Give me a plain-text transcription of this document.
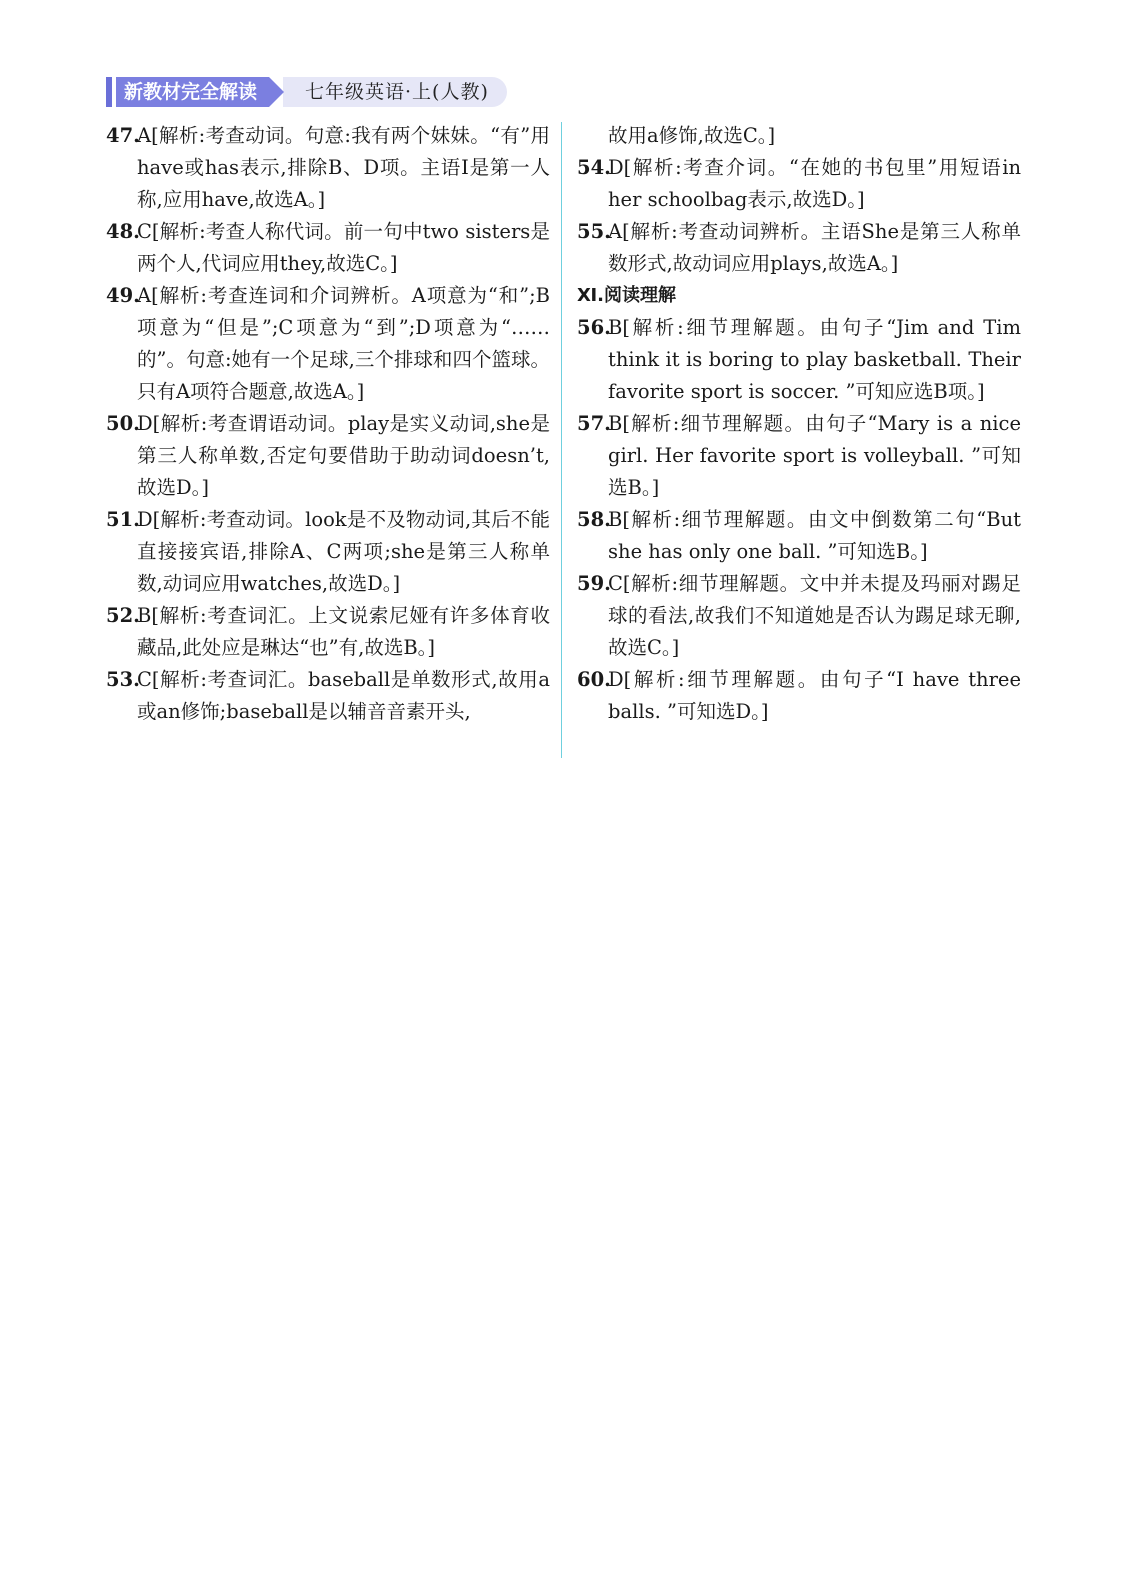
新教材完全解读	七年级英语·上(人教)

47.A[解析:考查动词。句意:我有两个妹妹。“有”用have或has表示,排除B、D项。主语I是第一人称,应用have,故选A。]

48.C[解析:考查人称代词。前一句中two sisters是两个人,代词应用they,故选C。]

49.A[解析:考查连词和介词辨析。A项意为“和”;B项意为“但是”;C项意为“到”;D项意为“……的”。句意:她有一个足球,三个排球和四个篮球。只有A项符合题意,故选A。]

50.D[解析:考查谓语动词。play是实义动词,she是第三人称单数,否定句要借助于助动词doesn’t,故选D。]

51.D[解析:考查动词。look是不及物动词,其后不能直接接宾语,排除A、C两项;she是第三人称单数,动词应用watches,故选D。]

52.B[解析:考查词汇。上文说索尼娅有许多体育收藏品,此处应是琳达“也”有,故选B。]

53.C[解析:考查词汇。baseball是单数形式,故用a或an修饰;baseball是以辅音音素开头,

故用a修饰,故选C。]

54.D[解析:考查介词。“在她的书包里”用短语in her schoolbag表示,故选D。]

55.A[解析:考查动词辨析。主语She是第三人称单数形式,故动词应用plays,故选A。]

Ⅺ.阅读理解

56.B[解析:细节理解题。由句子“Jim and Tim think it is boring to play basketball. Their favorite sport is soccer. ”可知应选B项。]

57.B[解析:细节理解题。由句子“Mary is a nice girl. Her favorite sport is volleyball. ”可知选B。]

58.B[解析:细节理解题。由文中倒数第二句“But she has only one ball. ”可知选B。]

59.C[解析:细节理解题。文中并未提及玛丽对踢足球的看法,故我们不知道她是否认为踢足球无聊,故选C。]

60.D[解析:细节理解题。由句子“I have three balls. ”可知选D。]
